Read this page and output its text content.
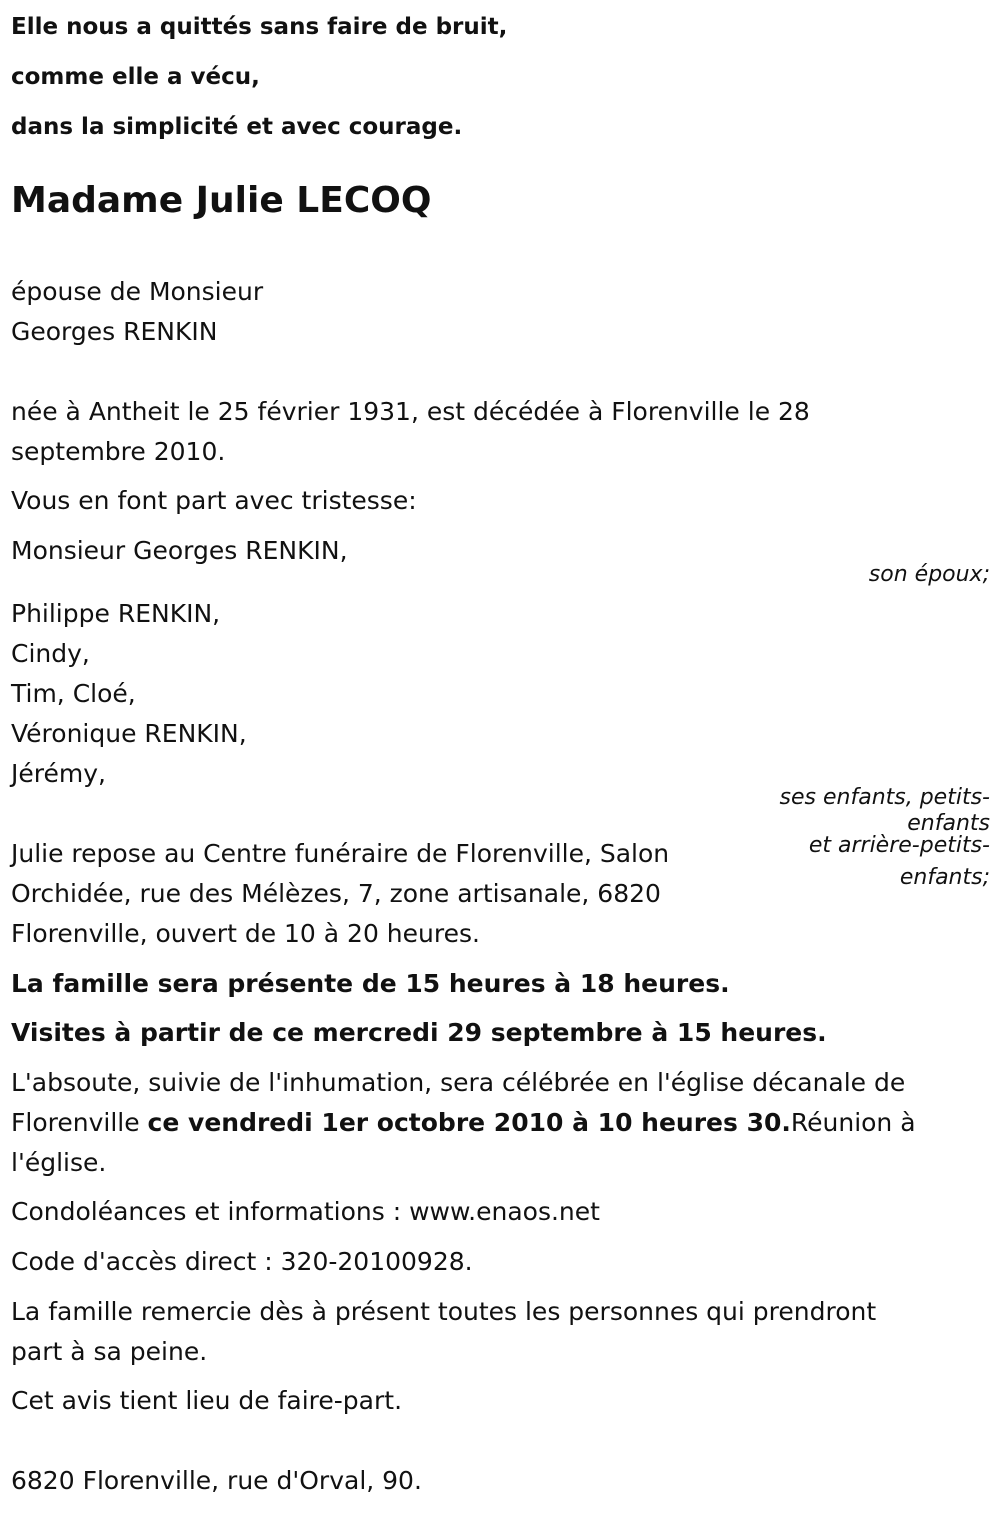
Elle nous a quittés sans faire de bruit,
comme elle a vécu,
dans la simplicité et avec courage.
Madame Julie LECOQ
épouse de Monsieur
Georges RENKIN
née à Antheit le 25 février 1931, est décédée à Florenville le 28
septembre 2010.

Vous en font part avec tristesse:

Monsieur Georges RENKIN,

son époux;
Philippe RENKIN,
Cindy,
Tim, Cloé,
Véronique RENKIN,
Jérémy,
ses enfants, petits-
enfants
et arrière-petits-
enfants;
Julie repose au Centre funéraire de Florenville, Salon
Orchidée, rue des Mélèzes, 7, zone artisanale, 6820
Florenville, ouvert de 10 à 20 heures.

La famille sera présente de 15 heures à 18 heures.

Visites à partir de ce mercredi 29 septembre à 15 heures.

L'absoute, suivie de l'inhumation, sera célébrée en l'église décanale de
Florenville ce vendredi 1er octobre 2010 à 10 heures 30.Réunion à
l'église.

Condoléances et informations : www.enaos.net

Code d'accès direct : 320-20100928.

La famille remercie dès à présent toutes les personnes qui prendront
part à sa peine.

Cet avis tient lieu de faire-part.

6820 Florenville, rue d'Orval, 90.
